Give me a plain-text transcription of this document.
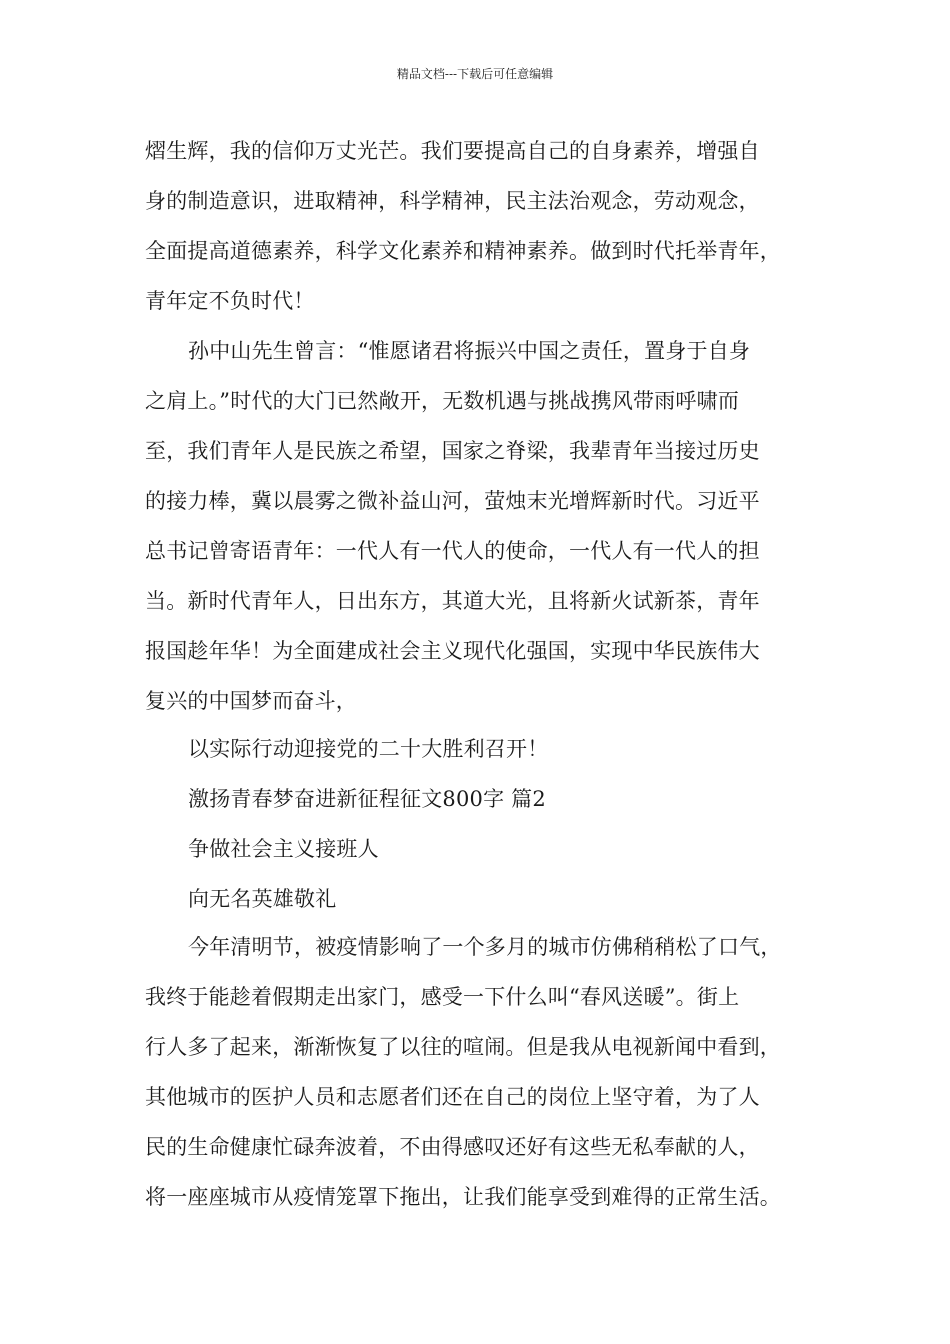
精品文档---下载后可任意编辑
熠生辉，我的信仰万丈光芒。我们要提高自己的自身素养，增强自
身的制造意识，进取精神，科学精神，民主法治观念，劳动观念，
全面提高道德素养，科学文化素养和精神素养。做到时代托举青年，
青年定不负时代！
孙中山先生曾言：“惟愿诸君将振兴中国之责任，置身于自身
之肩上。”时代的大门已然敞开，无数机遇与挑战携风带雨呼啸而
至，我们青年人是民族之希望，国家之脊梁，我辈青年当接过历史
的接力棒，冀以晨雾之微补益山河，萤烛末光增辉新时代。习近平
总书记曾寄语青年：一代人有一代人的使命，一代人有一代人的担
当。新时代青年人，日出东方，其道大光，且将新火试新茶，青年
报国趁年华！为全面建成社会主义现代化强国，实现中华民族伟大
复兴的中国梦而奋斗，
以实际行动迎接党的二十大胜利召开！
激扬青春梦奋进新征程征文800字 篇2
争做社会主义接班人
向无名英雄敬礼
今年清明节，被疫情影响了一个多月的城市仿佛稍稍松了口气，
我终于能趁着假期走出家门，感受一下什么叫“春风送暖”。街上
行人多了起来，渐渐恢复了以往的喧闹。但是我从电视新闻中看到，
其他城市的医护人员和志愿者们还在自己的岗位上坚守着，为了人
民的生命健康忙碌奔波着，不由得感叹还好有这些无私奉献的人，
将一座座城市从疫情笼罩下拖出，让我们能享受到难得的正常生活。
